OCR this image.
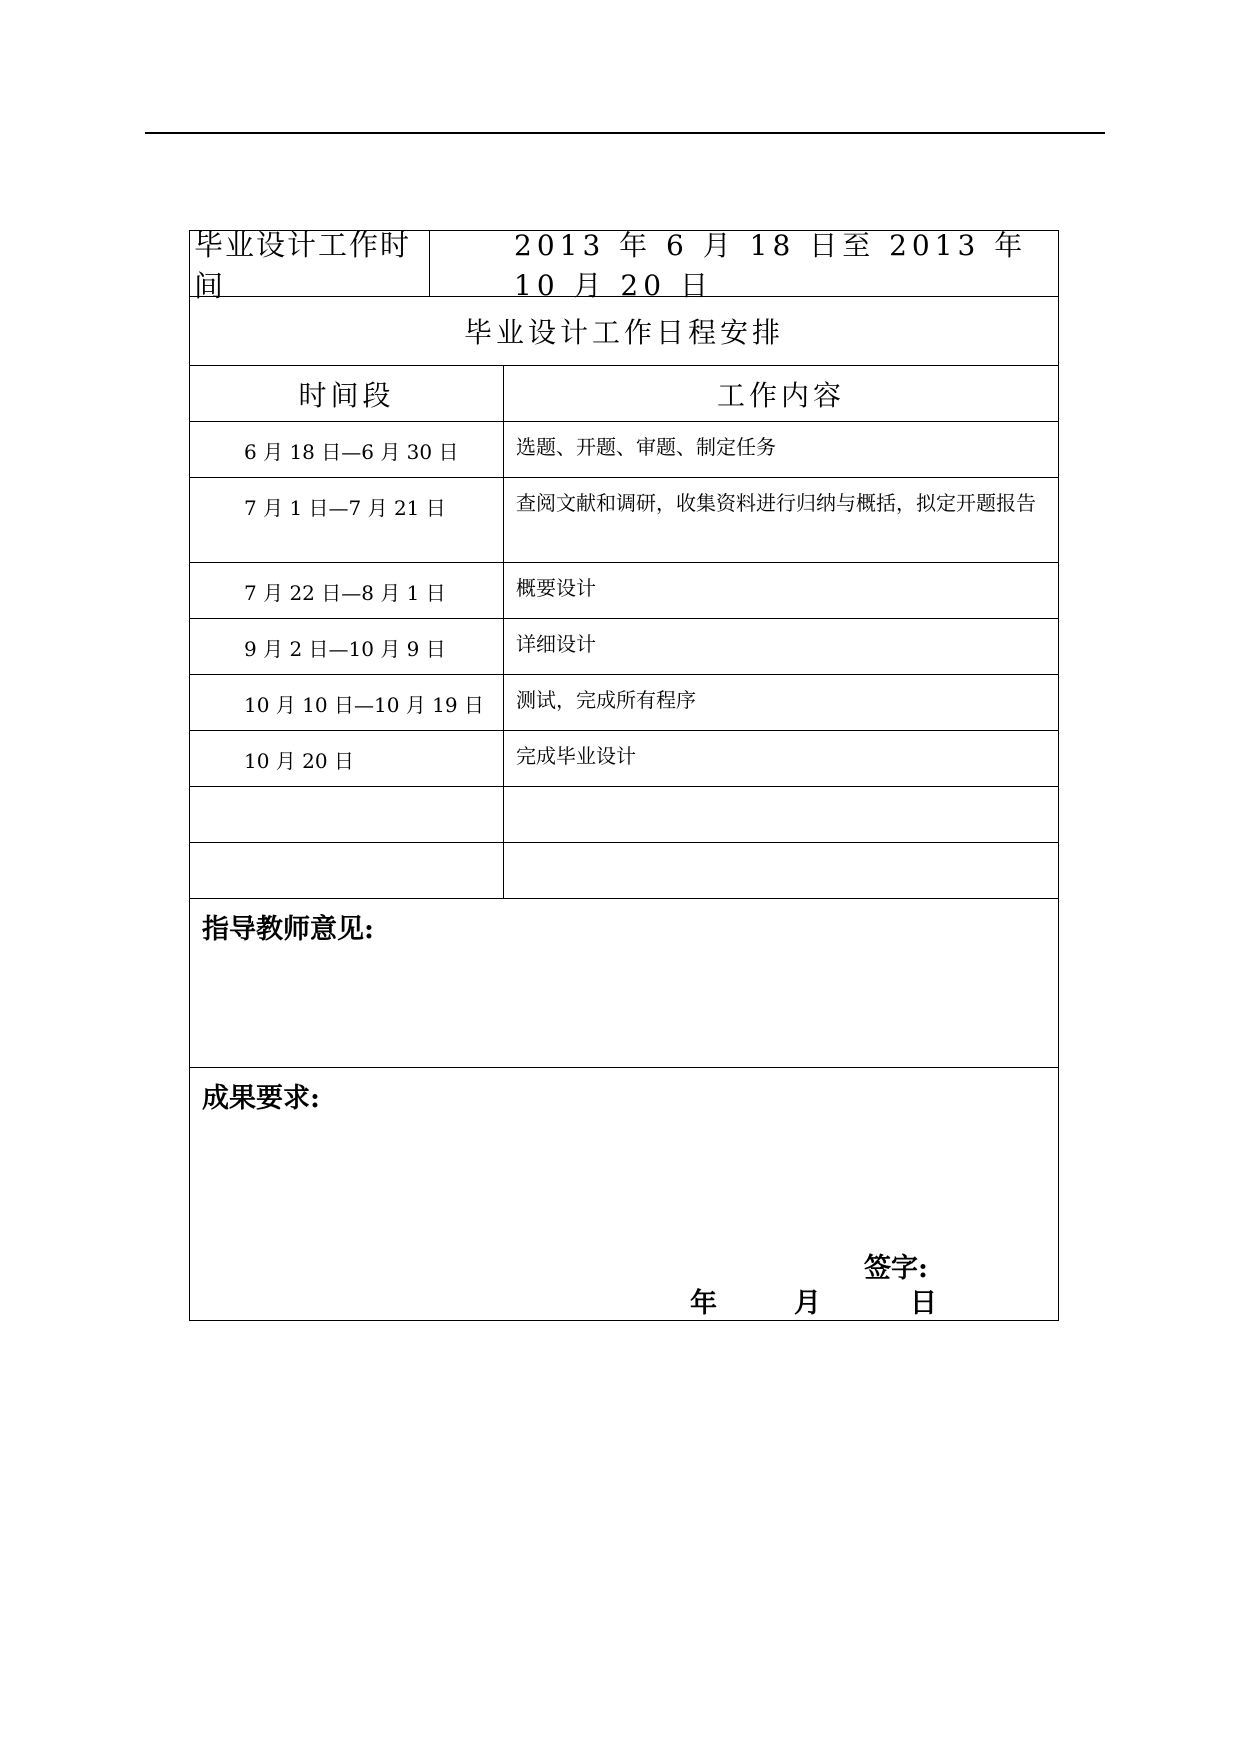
毕业设计工作时间
2013 年 6 月 18 日至 2013 年 10 月 20 日
毕业设计工作日程安排
时间段	工作内容
6 月 18 日—6 月 30 日	选题、开题、审题、制定任务
7 月 1 日—7 月 21 日	查阅文献和调研，收集资料进行归纳与概括，拟定开题报告
7 月 22 日—8 月 1 日	概要设计
9 月 2 日—10 月 9 日	详细设计
10 月 10 日—10 月 19 日	测试，完成所有程序
10 月 20 日	完成毕业设计
指导教师意见:
成果要求:
签字:
年	月	日
